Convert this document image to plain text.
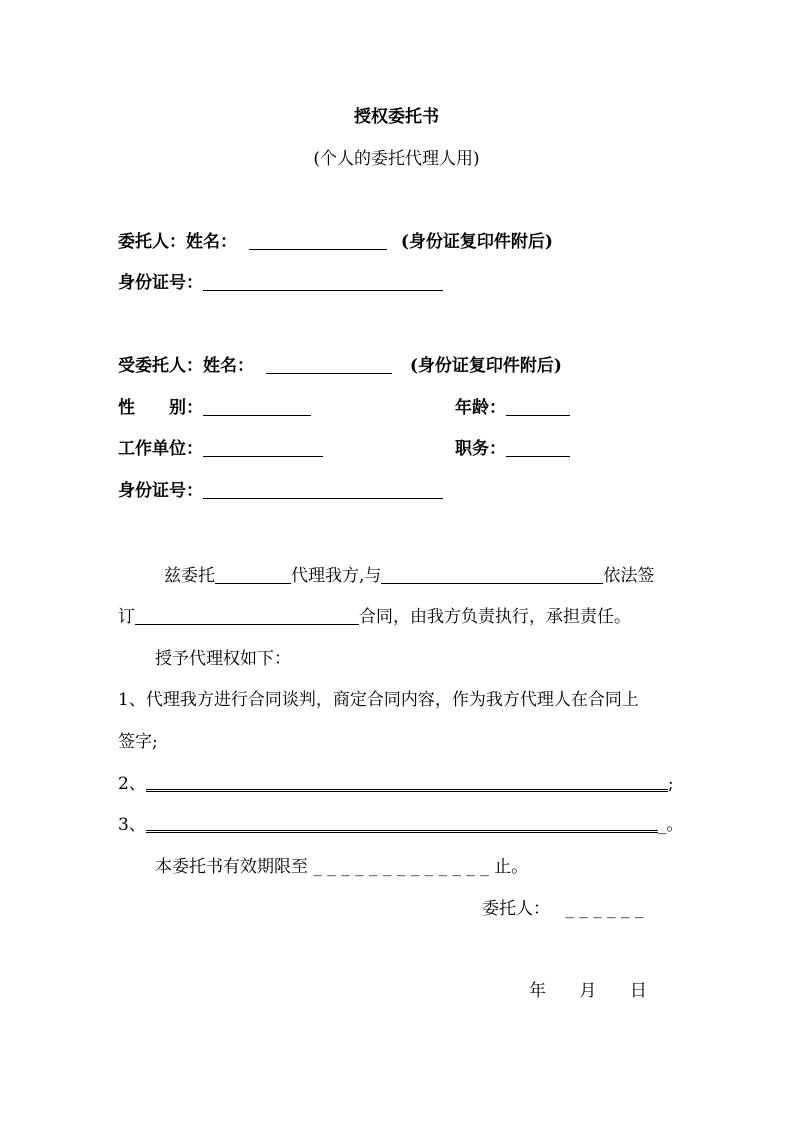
授权委托书
(个人的委托代理人用)
委托人：姓名：	(身份证复印件附后)
身份证号：
受委托人：姓名：	(身份证复印件附后)
性　　别：	年龄：
工作单位：	职务：
身份证号：
兹委托	代理我方,与	依法签
订	合同，由我方负责执行，承担责任。
授予代理权如下：
1、代理我方进行合同谈判，商定合同内容，作为我方代理人在合同上
签字;
2、	;
3、	_。
本委托书有效期限至 _ _ _ _ _ _ _ _ _ _ _ _ _ 止。
委托人： _ _ _ _ _ _
年 月 日
